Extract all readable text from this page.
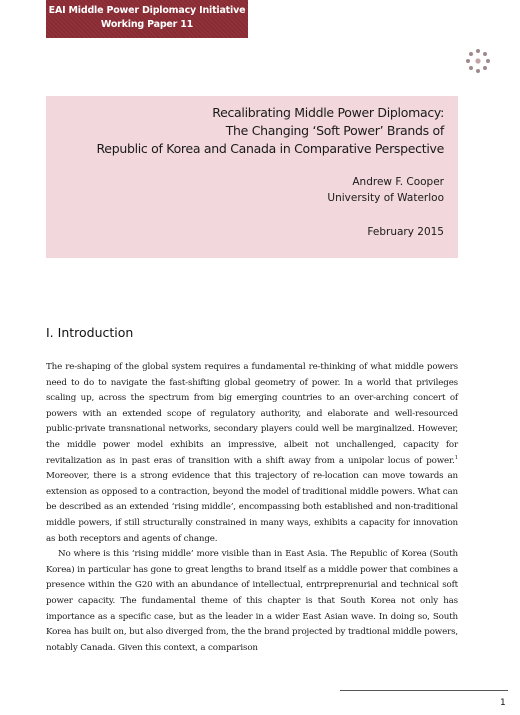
EAI Middle Power Diplomacy Initiative
Working Paper 11
Recalibrating Middle Power Diplomacy:
The Changing ‘Soft Power’ Brands of
Republic of Korea and Canada in Comparative Perspective
Andrew F. Cooper
University of Waterloo
February 2015
I. Introduction

The re-shaping of the global system requires a fundamental re-thinking of what middle powers need to do to navigate the fast-shifting global geometry of power. In a world that privileges scaling up, across the spectrum from big emerging countries to an over-arching concert of powers with an extended scope of regulatory authority, and elaborate and well-resourced public-private transnational networks, secondary players could well be marginalized. However, the middle power model exhibits an impressive, albeit not unchallenged, capacity for revitalization as in past eras of transition with a shift away from a unipolar locus of power.$^1$ Moreover, there is a strong evidence that this trajectory of re-location can move towards an extension as opposed to a contraction, beyond the model of traditional middle powers. What can be described as an extended ‘rising middle’, encompassing both established and non-traditional middle powers, if still structurally constrained in many ways, exhibits a capacity for innovation as both receptors and agents of change.

No where is this ‘rising middle’ more visible than in East Asia. The Republic of Korea (South Korea) in particular has gone to great lengths to brand itself as a middle power that combines a presence within the G20 with an abundance of intellectual, entrpreprenurial and technical soft power capacity. The fundamental theme of this chapter is that South Korea not only has importance as a specific case, but as the leader in a wider East Asian wave. In doing so, South Korea has built on, but also diverged from, the the brand projected by tradtional middle powers, notably Canada. Given this context, a comparison

1
